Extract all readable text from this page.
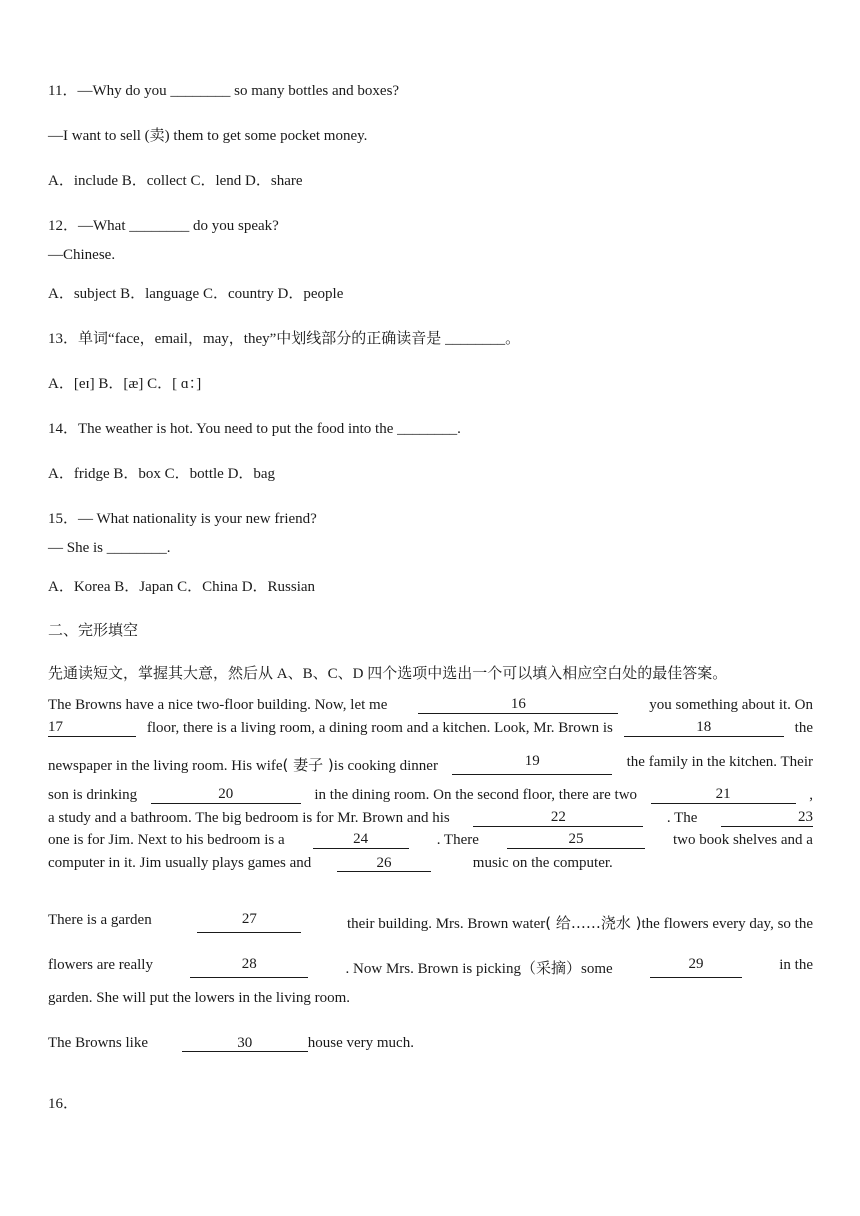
11．—Why do you ________ so many bottles and boxes?
—I want to sell (卖) them to get some pocket money.
A．include B．collect C．lend D．share
12．—What ________ do you speak?
—Chinese.
A．subject B．language C．country D．people
13．单词“face，email，may，they”中划线部分的正确读音是 ________。
A．[eɪ] B．[æ] C．[ ɑ：]
14．The weather is hot. You need to put the food into the ________.
A．fridge B．box C．bottle D．bag
15．— What nationality is your new friend?
— She is ________.
A．Korea B．Japan C．China D．Russian
二、完形填空
先通读短文，掌握其大意，然后从 A、B、C、D 四个选项中选出一个可以填入相应空白处的最佳答案。
The Browns have a nice two-floor building. Now, let me	16	you something about it. On
17	floor, there is a living room, a dining room and a kitchen. Look, Mr. Brown is	18	the
newspaper in the living room. His wife( 妻子 )is cooking dinner	19	the family in the kitchen. Their
son is drinking	20	in the dining room. On the second floor, there are two	21	,
a study and a bathroom. The big bedroom is for Mr. Brown and his	22	. The	23
one is for Jim. Next to his bedroom is a	24	. There	25	two book shelves and a
computer in it. Jim usually plays games and	26	music on the computer.
There is a garden	27	their building. Mrs. Brown water( 给……浇水 )the flowers every day, so the
flowers are really	28	. Now Mrs. Brown is picking（采摘）some	29	in the
garden. She will put the lowers in the living room.
The Browns like	30	house very much.
16．
